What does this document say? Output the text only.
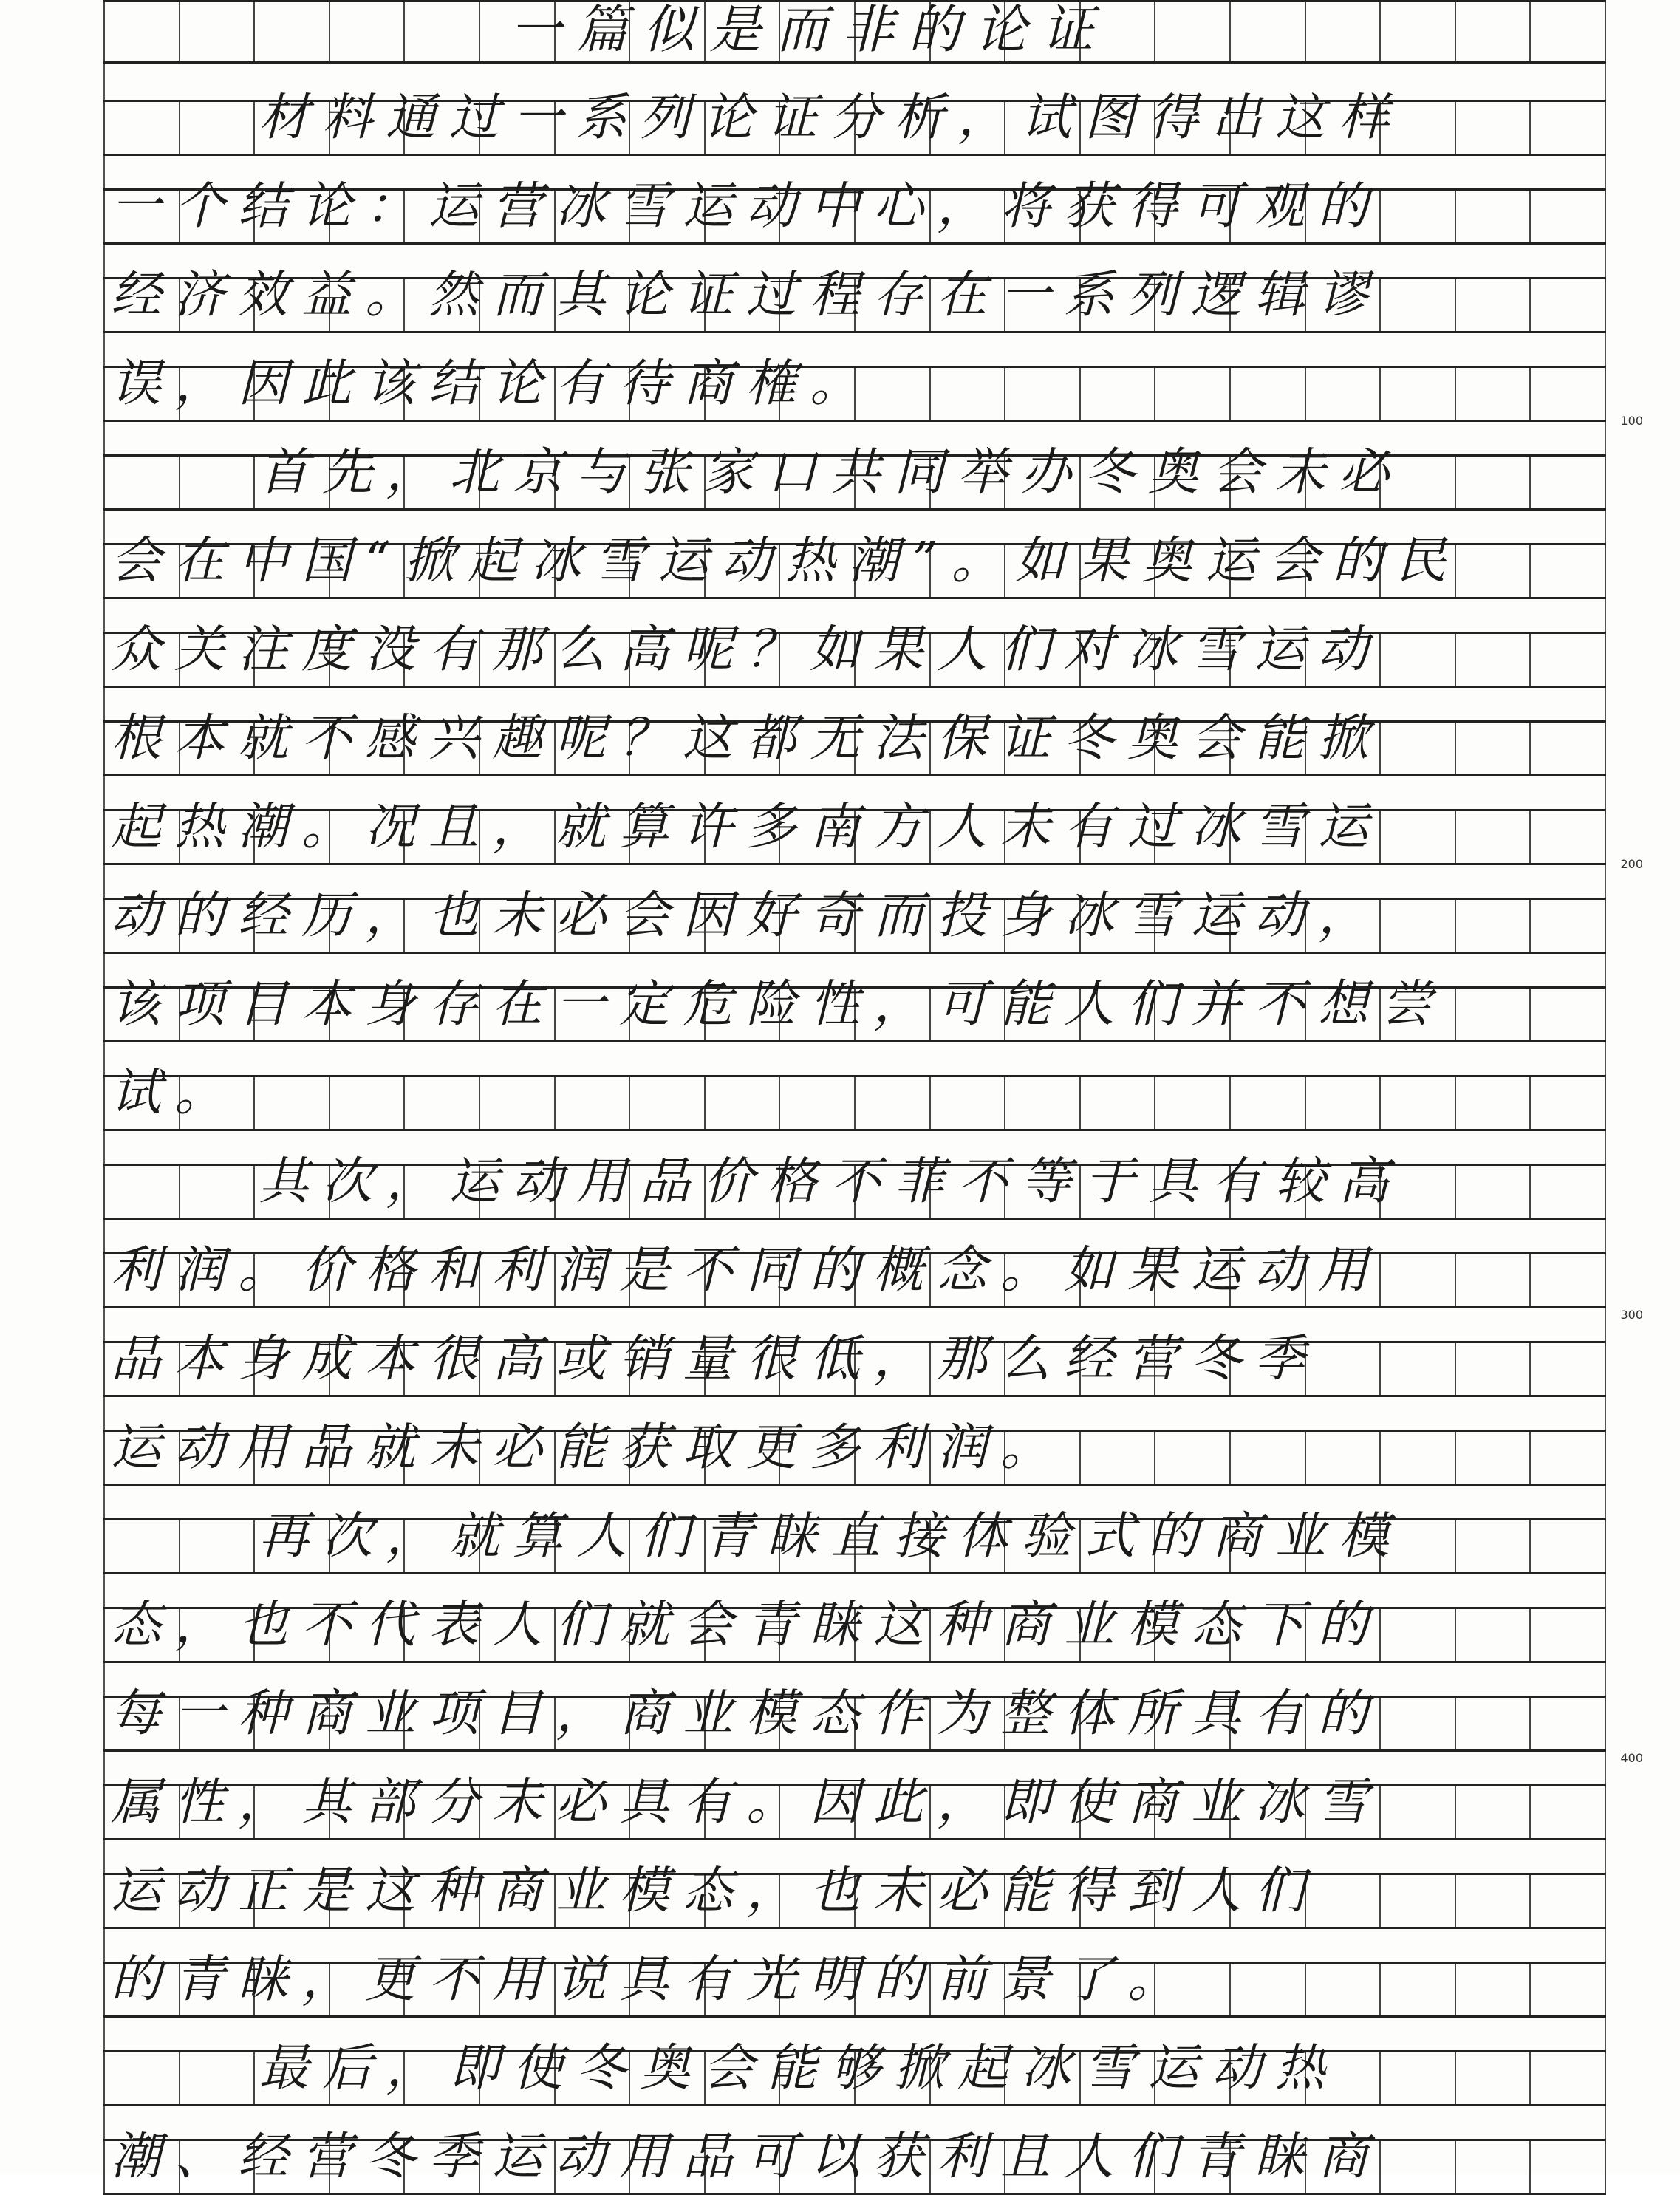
一篇似是而非的论证
材料通过一系列论证分析，试图得出这样
一个结论：运营冰雪运动中心，将获得可观的
经济效益。然而其论证过程存在一系列逻辑谬
误，因此该结论有待商榷。
首先，北京与张家口共同举办冬奥会未必
会在中国“掀起冰雪运动热潮”。如果奥运会的民
众关注度没有那么高呢？如果人们对冰雪运动
根本就不感兴趣呢？这都无法保证冬奥会能掀
起热潮。况且，就算许多南方人未有过冰雪运
动的经历，也未必会因好奇而投身冰雪运动，
该项目本身存在一定危险性，可能人们并不想尝
试。
其次，运动用品价格不菲不等于具有较高
利润。价格和利润是不同的概念。如果运动用
品本身成本很高或销量很低，那么经营冬季
运动用品就未必能获取更多利润。
再次，就算人们青睐直接体验式的商业模
态，也不代表人们就会青睐这种商业模态下的
每一种商业项目，商业模态作为整体所具有的
属性，其部分未必具有。因此，即使商业冰雪
运动正是这种商业模态，也未必能得到人们
的青睐，更不用说具有光明的前景了。
最后，即使冬奥会能够掀起冰雪运动热
潮、经营冬季运动用品可以获利且人们青睐商
100
200
300
400
